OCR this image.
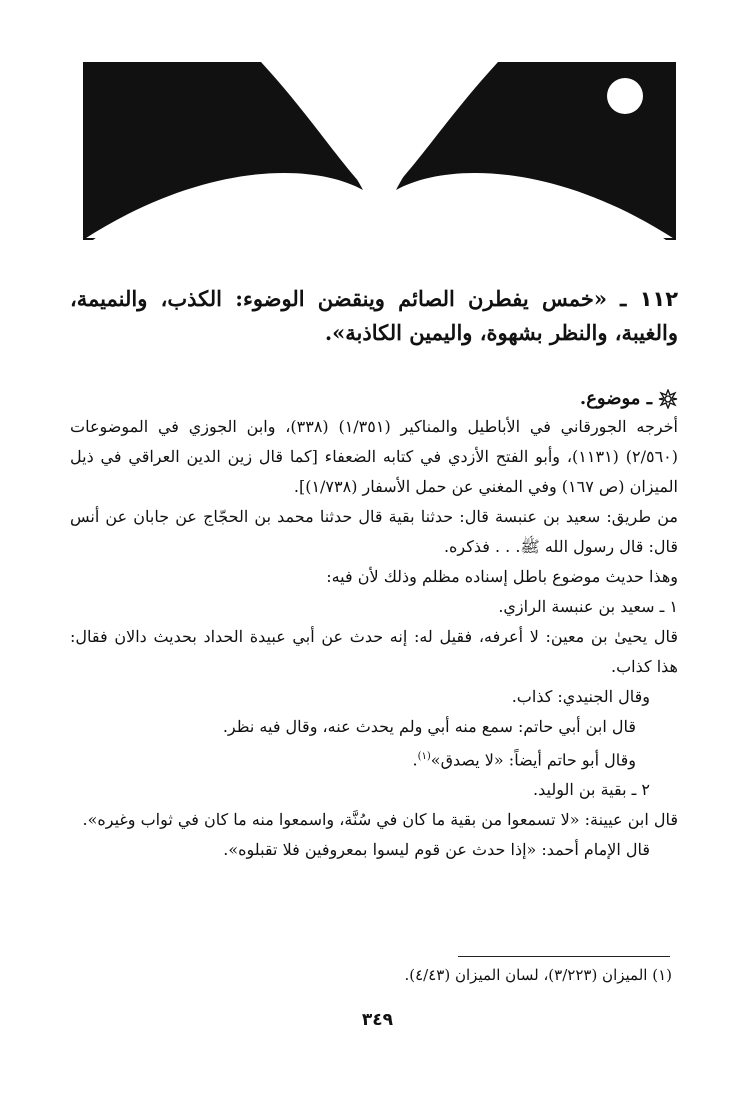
✱ ✱
✱
✱
✱
✱
✱
✱
✱
✱
✱
✱
✱

١١٢ ـ «خمس يفطرن الصائم وينقضن الوضوء: الكذب، والنميمة، والغيبة، والنظر بشهوة، واليمين الكاذبة».

ـ موضوع.

أخرجه الجورقاني في الأباطيل والمناكير (١/٣٥١) (٣٣٨)، وابن الجوزي في الموضوعات (٢/٥٦٠) (١١٣١)، وأبو الفتح الأزدي في كتابه الضعفاء [كما قال زين الدين العراقي في ذيل الميزان (ص ١٦٧) وفي المغني عن حمل الأسفار (١/٧٣٨)].

من طريق: سعيد بن عنبسة قال: حدثنا بقية قال حدثنا محمد بن الحجّاج عن جابان عن أنس قال: قال رسول الله ﷺ. . . فذكره.

وهذا حديث موضوع باطل إسناده مظلم وذلك لأن فيه:

١ ـ سعيد بن عنبسة الرازي.

قال يحيىٰ بن معين: لا أعرفه، فقيل له: إنه حدث عن أبي عبيدة الحداد بحديث دالان فقال: هذا كذاب.

وقال الجنيدي: كذاب.

قال ابن أبي حاتم: سمع منه أبي ولم يحدث عنه، وقال فيه نظر.

وقال أبو حاتم أيضاً: «لا يصدق»$^{(١)}$.

٢ ـ بقية بن الوليد.

قال ابن عيينة: «لا تسمعوا من بقية ما كان في سُنَّة، واسمعوا منه ما كان في ثواب وغيره».

قال الإمام أحمد: «إذا حدث عن قوم ليسوا بمعروفين فلا تقبلوه».

(١) الميزان (٣/٢٢٣)، لسان الميزان (٤/٤٣).
٣٤٩
